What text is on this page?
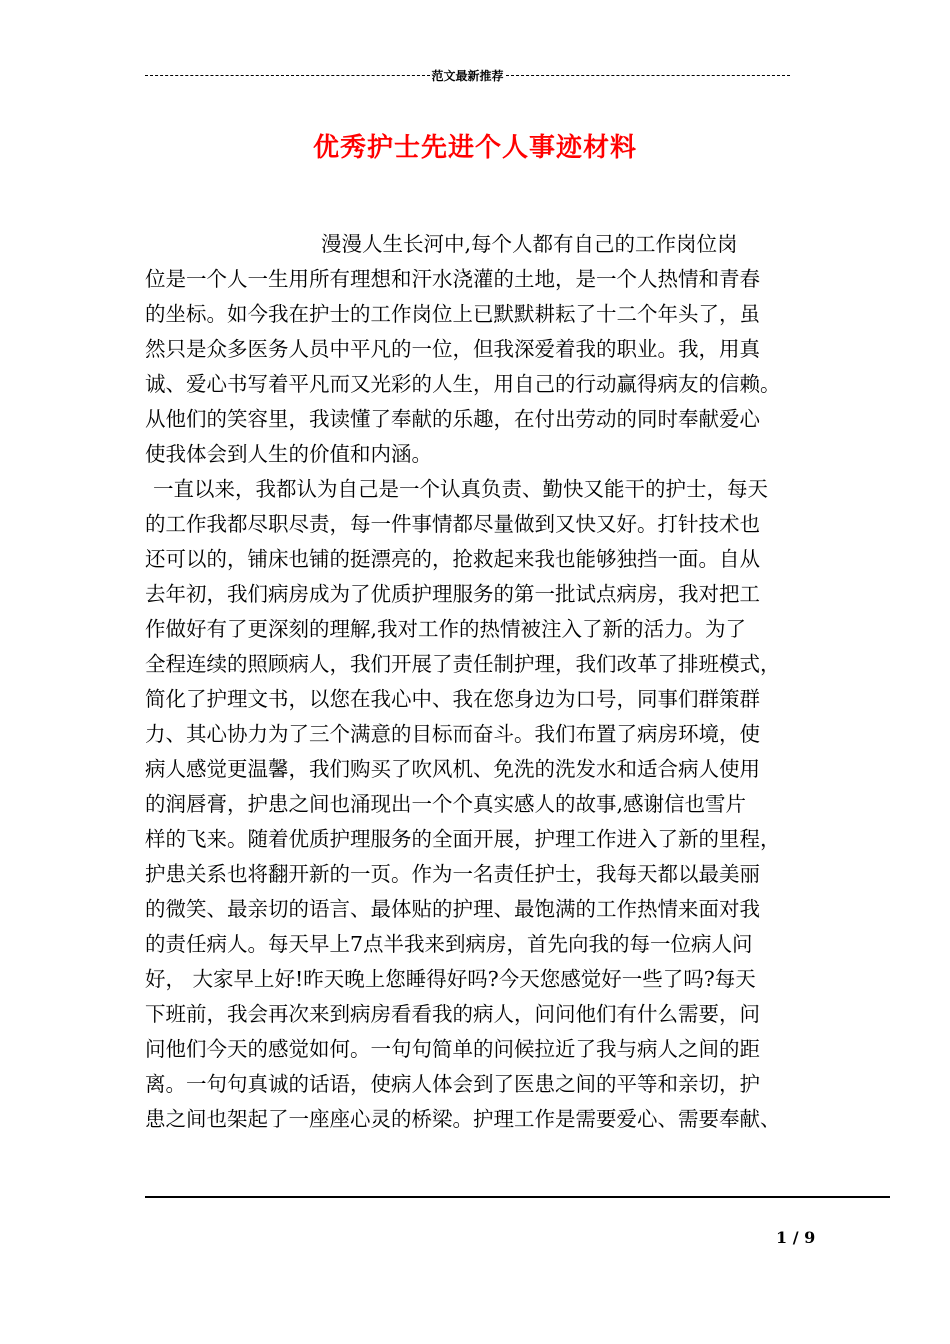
范文最新推荐
优秀护士先进个人事迹材料
漫漫人生长河中,每个人都有自己的工作岗位岗
位是一个人一生用所有理想和汗水浇灌的土地，是一个人热情和青春
的坐标。如今我在护士的工作岗位上已默默耕耘了十二个年头了，虽
然只是众多医务人员中平凡的一位，但我深爱着我的职业。我，用真
诚、爱心书写着平凡而又光彩的人生，用自己的行动赢得病友的信赖。
从他们的笑容里，我读懂了奉献的乐趣，在付出劳动的同时奉献爱心
使我体会到人生的价值和内涵。
一直以来，我都认为自己是一个认真负责、勤快又能干的护士，每天
的工作我都尽职尽责，每一件事情都尽量做到又快又好。打针技术也
还可以的，铺床也铺的挺漂亮的，抢救起来我也能够独挡一面。自从
去年初，我们病房成为了优质护理服务的第一批试点病房，我对把工
作做好有了更深刻的理解,我对工作的热情被注入了新的活力。为了
全程连续的照顾病人，我们开展了责任制护理，我们改革了排班模式，
简化了护理文书，以您在我心中、我在您身边为口号，同事们群策群
力、其心协力为了三个满意的目标而奋斗。我们布置了病房环境，使
病人感觉更温馨，我们购买了吹风机、免洗的洗发水和适合病人使用
的润唇膏，护患之间也涌现出一个个真实感人的故事,感谢信也雪片
样的飞来。随着优质护理服务的全面开展，护理工作进入了新的里程，
护患关系也将翻开新的一页。作为一名责任护士，我每天都以最美丽
的微笑、最亲切的语言、最体贴的护理、最饱满的工作热情来面对我
的责任病人。每天早上7点半我来到病房，首先向我的每一位病人问
好， 大家早上好!昨天晚上您睡得好吗?今天您感觉好一些了吗?每天
下班前，我会再次来到病房看看我的病人，问问他们有什么需要，问
问他们今天的感觉如何。一句句简单的问候拉近了我与病人之间的距
离。一句句真诚的话语，使病人体会到了医患之间的平等和亲切，护
患之间也架起了一座座心灵的桥梁。护理工作是需要爱心、需要奉献、
1 / 9
